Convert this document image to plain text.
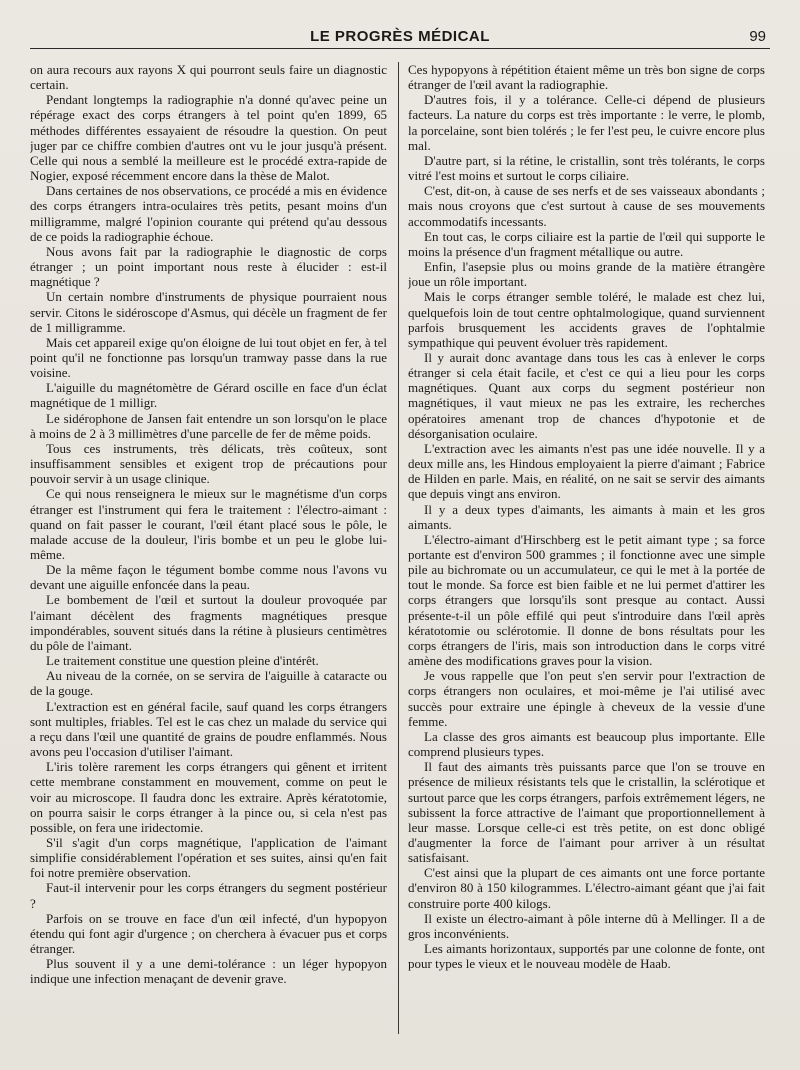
LE PROGRÈS MÉDICAL	99

on aura recours aux rayons X qui pourront seuls faire un diagnostic certain.

Pendant longtemps la radiographie n'a donné qu'avec peine un répérage exact des corps étrangers à tel point qu'en 1899, 65 méthodes différentes essayaient de résoudre la question. On peut juger par ce chiffre combien d'autres ont vu le jour jusqu'à présent. Celle qui nous a semblé la meilleure est le procédé extra-rapide de Nogier, exposé récemment encore dans la thèse de Malot.

Dans certaines de nos observations, ce procédé a mis en évidence des corps étrangers intra-oculaires très petits, pesant moins d'un milligramme, malgré l'opinion courante qui prétend qu'au dessous de ce poids la radiographie échoue.

Nous avons fait par la radiographie le diagnostic de corps étranger ; un point important nous reste à élucider : est-il magnétique ?

Un certain nombre d'instruments de physique pourraient nous servir. Citons le sidéroscope d'Asmus, qui décèle un fragment de fer de 1 milligramme.

Mais cet appareil exige qu'on éloigne de lui tout objet en fer, à tel point qu'il ne fonctionne pas lorsqu'un tramway passe dans la rue voisine.

L'aiguille du magnétomètre de Gérard oscille en face d'un éclat magnétique de 1 milligr.

Le sidérophone de Jansen fait entendre un son lorsqu'on le place à moins de 2 à 3 millimètres d'une parcelle de fer de même poids.

Tous ces instruments, très délicats, très coûteux, sont insuffisamment sensibles et exigent trop de précautions pour pouvoir servir à un usage clinique.

Ce qui nous renseignera le mieux sur le magnétisme d'un corps étranger est l'instrument qui fera le traitement : l'électro-aimant : quand on fait passer le courant, l'œil étant placé sous le pôle, le malade accuse de la douleur, l'iris bombe et un peu le globe lui-même.

De la même façon le tégument bombe comme nous l'avons vu devant une aiguille enfoncée dans la peau.

Le bombement de l'œil et surtout la douleur provoquée par l'aimant décèlent des fragments magnétiques presque impondérables, souvent situés dans la rétine à plusieurs centimètres du pôle de l'aimant.

Le traitement constitue une question pleine d'intérêt.

Au niveau de la cornée, on se servira de l'aiguille à cataracte ou de la gouge.

L'extraction est en général facile, sauf quand les corps étrangers sont multiples, friables. Tel est le cas chez un malade du service qui a reçu dans l'œil une quantité de grains de poudre enflammés. Nous avons peu l'occasion d'utiliser l'aimant.

L'iris tolère rarement les corps étrangers qui gênent et irritent cette membrane constamment en mouvement, comme on peut le voir au microscope. Il faudra donc les extraire. Après kératotomie, on pourra saisir le corps étranger à la pince ou, si cela n'est pas possible, on fera une iridectomie.

S'il s'agit d'un corps magnétique, l'application de l'aimant simplifie considérablement l'opération et ses suites, ainsi qu'en fait foi notre première observation.

Faut-il intervenir pour les corps étrangers du segment postérieur ?

Parfois on se trouve en face d'un œil infecté, d'un hypopyon étendu qui font agir d'urgence ; on cherchera à évacuer pus et corps étranger.

Plus souvent il y a une demi-tolérance : un léger hypopyon indique une infection menaçant de devenir grave.

Ces hypopyons à répétition étaient même un très bon signe de corps étranger de l'œil avant la radiographie.

D'autres fois, il y a tolérance. Celle-ci dépend de plusieurs facteurs. La nature du corps est très importante : le verre, le plomb, la porcelaine, sont bien tolérés ; le fer l'est peu, le cuivre encore plus mal.

D'autre part, si la rétine, le cristallin, sont très tolérants, le corps vitré l'est moins et surtout le corps ciliaire.

C'est, dit-on, à cause de ses nerfs et de ses vaisseaux abondants ; mais nous croyons que c'est surtout à cause de ses mouvements accommodatifs incessants.

En tout cas, le corps ciliaire est la partie de l'œil qui supporte le moins la présence d'un fragment métallique ou autre.

Enfin, l'asepsie plus ou moins grande de la matière étrangère joue un rôle important.

Mais le corps étranger semble toléré, le malade est chez lui, quelquefois loin de tout centre ophtalmologique, quand surviennent parfois brusquement les accidents graves de l'ophtalmie sympathique qui peuvent évoluer très rapidement.

Il y aurait donc avantage dans tous les cas à enlever le corps étranger si cela était facile, et c'est ce qui a lieu pour les corps magnétiques. Quant aux corps du segment postérieur non magnétiques, il vaut mieux ne pas les extraire, les recherches opératoires amenant trop de chances d'hypotonie et de désorganisation oculaire.

L'extraction avec les aimants n'est pas une idée nouvelle. Il y a deux mille ans, les Hindous employaient la pierre d'aimant ; Fabrice de Hilden en parle. Mais, en réalité, on ne sait se servir des aimants que depuis vingt ans environ.

Il y a deux types d'aimants, les aimants à main et les gros aimants.

L'électro-aimant d'Hirschberg est le petit aimant type ; sa force portante est d'environ 500 grammes ; il fonctionne avec une simple pile au bichromate ou un accumulateur, ce qui le met à la portée de tout le monde. Sa force est bien faible et ne lui permet d'attirer les corps étrangers que lorsqu'ils sont presque au contact. Aussi présente-t-il un pôle effilé qui peut s'introduire dans l'œil après kératotomie ou sclérotomie. Il donne de bons résultats pour les corps étrangers de l'iris, mais son introduction dans le corps vitré amène des modifications graves pour la vision.

Je vous rappelle que l'on peut s'en servir pour l'extraction de corps étrangers non oculaires, et moi-même je l'ai utilisé avec succès pour extraire une épingle à cheveux de la vessie d'une femme.

La classe des gros aimants est beaucoup plus importante. Elle comprend plusieurs types.

Il faut des aimants très puissants parce que l'on se trouve en présence de milieux résistants tels que le cristallin, la sclérotique et surtout parce que les corps étrangers, parfois extrêmement légers, ne subissent la force attractive de l'aimant que proportionnellement à leur masse. Lorsque celle-ci est très petite, on est donc obligé d'augmenter la force de l'aimant pour arriver à un résultat satisfaisant.

C'est ainsi que la plupart de ces aimants ont une force portante d'environ 80 à 150 kilogrammes. L'électro-aimant géant que j'ai fait construire porte 400 kilogs.

Il existe un électro-aimant à pôle interne dû à Mellinger. Il a de gros inconvénients.

Les aimants horizontaux, supportés par une colonne de fonte, ont pour types le vieux et le nouveau modèle de Haab.
